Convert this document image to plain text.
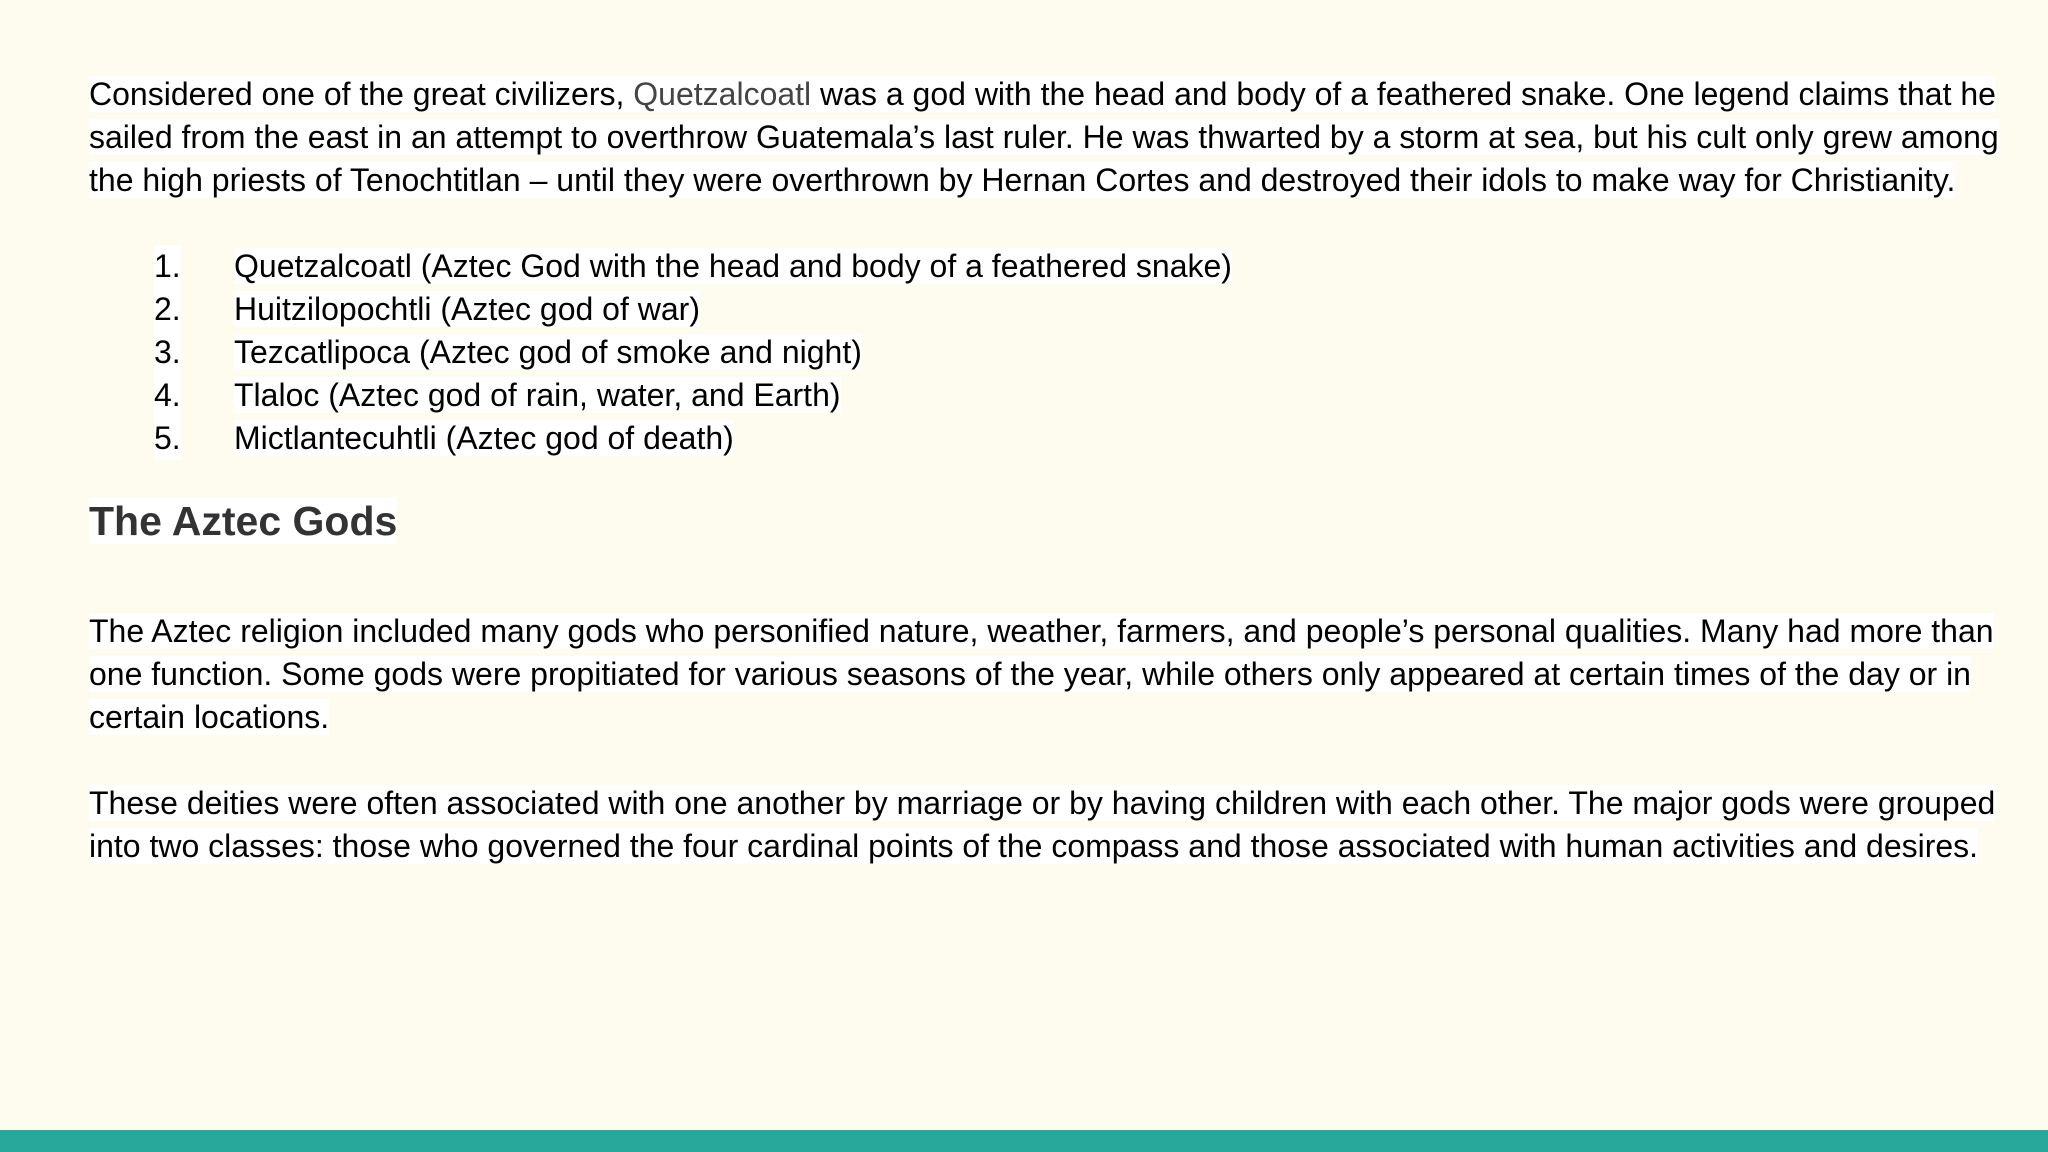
Considered one of the great civilizers, Quetzalcoatl was a god with the head and body of a feathered snake. One legend claims that he sailed from the east in an attempt to overthrow Guatemala’s last ruler. He was thwarted by a storm at sea, but his cult only grew among the high priests of Tenochtitlan – until they were overthrown by Hernan Cortes and destroyed their idols to make way for Christianity.

1. Quetzalcoatl (Aztec God with the head and body of a feathered snake)
2. Huitzilopochtli (Aztec god of war)
3. Tezcatlipoca (Aztec god of smoke and night)
4. Tlaloc (Aztec god of rain, water, and Earth)
5. Mictlantecuhtli (Aztec god of death)
The Aztec Gods

The Aztec religion included many gods who personified nature, weather, farmers, and people’s personal qualities. Many had more than one function. Some gods were propitiated for various seasons of the year, while others only appeared at certain times of the day or in certain locations.

These deities were often associated with one another by marriage or by having children with each other. The major gods were grouped into two classes: those who governed the four cardinal points of the compass and those associated with human activities and desires.
